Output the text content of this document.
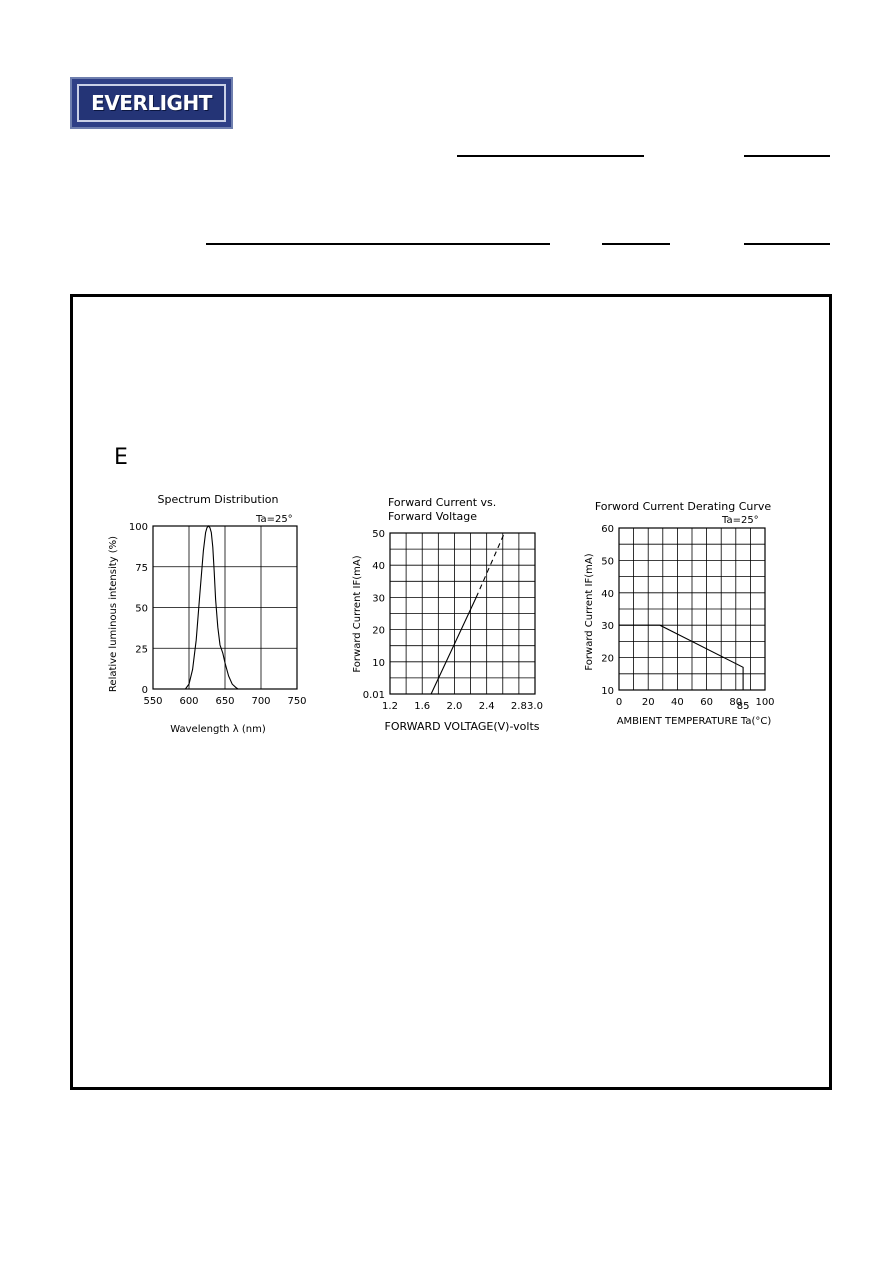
EVERLIGHT
E
550 600 650 700 750
0
25
50
75
100
Spectrum Distribution
Ta=25°
Wavelength λ (nm)
Relative luminous intensity (%)
1.2 1.6 2.0 2.4 2.8 3.0
0.01
10
20
30
40
50
Forward Current vs.
Forward Voltage
FORWARD VOLTAGE(V)-volts
Forward Current IF(mA)
0 20 40 60 80 100
85
10
20
30
40
50
60
Forword Current Derating Curve
Ta=25°
AMBIENT TEMPERATURE Ta(°C)
Forward Current IF(mA)
